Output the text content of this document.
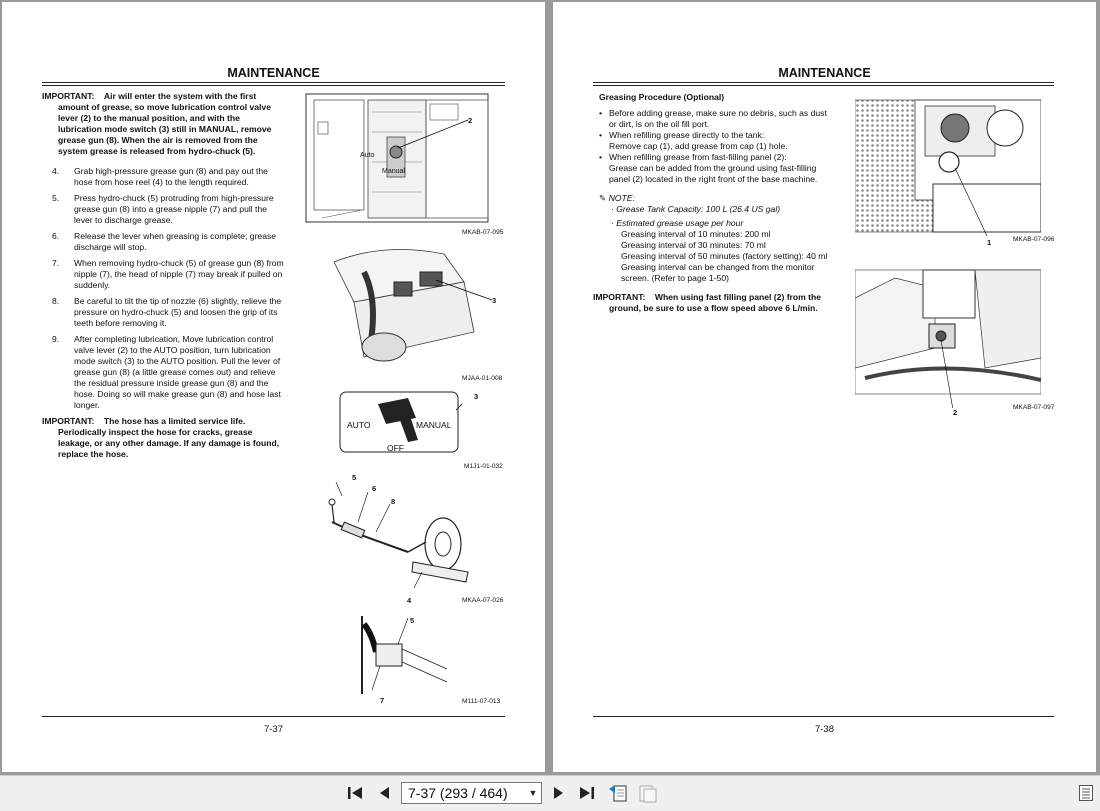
MAINTENANCE
IMPORTANT: Air will enter the system with the first amount of grease, so move lubrication control valve lever (2) to the manual position, and with the lubrication mode switch (3) still in MANUAL, remove grease gun (8). When the air is removed from the system grease is released from hydro-chuck (5).
4.	Grab high-pressure grease gun (8) and pay out the hose from hose reel (4) to the length required.
5.	Press hydro-chuck (5) protruding from high-pressure grease gun (8) into a grease nipple (7) and pull the lever to discharge grease.
6.	Release the lever when greasing is complete; grease discharge will stop.
7.	When removing hydro-chuck (5) of grease gun (8) from nipple (7), the head of nipple (7) may break if pulled on suddenly.
8.	Be careful to tilt the tip of nozzle (6) slightly, relieve the pressure on hydro-chuck (5) and loosen the grip of its teeth before removing it.
9.	After completing lubrication, Move lubrication control valve lever (2) to the AUTO position, turn lubrication mode switch (3) to the AUTO position. Pull the lever of grease gun (8) (a little grease comes out) and relieve the residual pressure inside grease gun (8) and the hose. Doing so will make grease gun (8) and hose last longer.
IMPORTANT: The hose has a limited service life. Periodically inspect the hose for cracks, grease leakage, or any other damage. If any damage is found, replace the hose.
2
Auto
Manual
MKAB-07-095
3
MJAA-01-008
3
AUTO	MANUAL
OFF
M1J1-01-032
5
6
8
4	MKAA-07-026
5
7	M111-07-013
7-37
MAINTENANCE
Greasing Procedure (Optional)
• Before adding grease, make sure no debris, such as dust or dirt, is on the oil fill port.
• When refilling grease directly to the tank:
Remove cap (1), add grease from cap (1) hole.
• When refilling grease from fast-filling panel (2):
Grease can be added from the ground using fast-filling panel (2) located in the right front of the base machine.
✎ NOTE:
· Grease Tank Capacity: 100 L (26.4 US gal)
· Estimated grease usage per hour
Greasing interval of 10 minutes: 200 ml
Greasing interval of 30 minutes: 70 ml
Greasing interval of 50 minutes (factory setting): 40 ml
Greasing interval can be changed from the monitor screen. (Refer to page 1-50)
IMPORTANT: When using fast filling panel (2) from the ground, be sure to use a flow speed above 6 L/min.
1	MKAB-07-096
2
MKAB-07-097
7-38
7-37 (293 / 464)	▼
